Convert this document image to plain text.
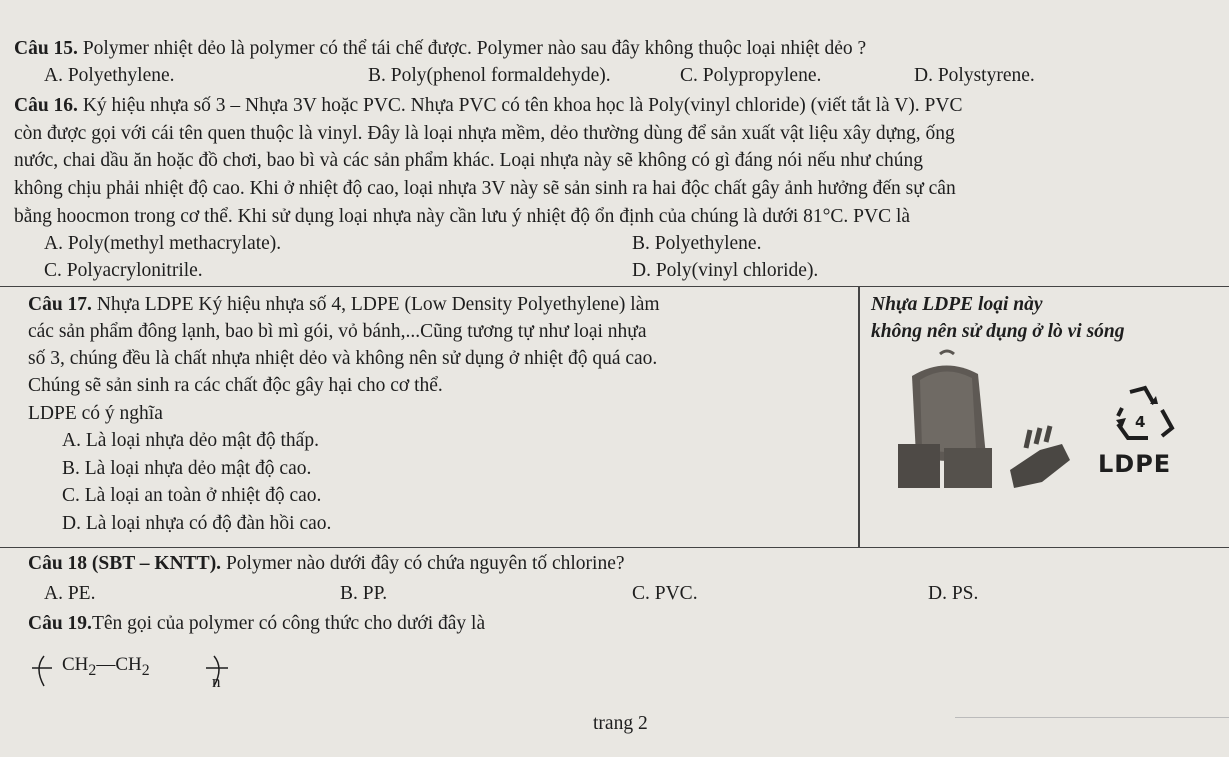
Câu 15. Polymer nhiệt dẻo là polymer có thể tái chế được. Polymer nào sau đây không thuộc loại nhiệt dẻo ?
A. Polyethylene.	B. Poly(phenol formaldehyde).	C. Polypropylene.	D. Polystyrene.
Câu 16. Ký hiệu nhựa số 3 – Nhựa 3V hoặc PVC. Nhựa PVC có tên khoa học là Poly(vinyl chloride) (viết tắt là V). PVC
còn được gọi với cái tên quen thuộc là vinyl. Đây là loại nhựa mềm, dẻo thường dùng để sản xuất vật liệu xây dựng, ống
nước, chai dầu ăn hoặc đồ chơi, bao bì và các sản phẩm khác. Loại nhựa này sẽ không có gì đáng nói nếu như chúng
không chịu phải nhiệt độ cao. Khi ở nhiệt độ cao, loại nhựa 3V này sẽ sản sinh ra hai độc chất gây ảnh hưởng đến sự cân
bằng hoocmon trong cơ thể. Khi sử dụng loại nhựa này cần lưu ý nhiệt độ ổn định của chúng là dưới 81°C. PVC là
A. Poly(methyl methacrylate).	B. Polyethylene.
C. Polyacrylonitrile.	D. Poly(vinyl chloride).
Câu 17. Nhựa LDPE Ký hiệu nhựa số 4, LDPE (Low Density Polyethylene) làm
các sản phẩm đông lạnh, bao bì mì gói, vỏ bánh,...Cũng tương tự như loại nhựa
số 3, chúng đều là chất nhựa nhiệt dẻo và không nên sử dụng ở nhiệt độ quá cao.
Chúng sẽ sản sinh ra các chất độc gây hại cho cơ thể.
LDPE có ý nghĩa
A. Là loại nhựa dẻo mật độ thấp.
B. Là loại nhựa dẻo mật độ cao.
C. Là loại an toàn ở nhiệt độ cao.
D. Là loại nhựa có độ đàn hồi cao.
Nhựa LDPE loại này
không nên sử dụng ở lò vi sóng
4
LDPE
Câu 18 (SBT – KNTT). Polymer nào dưới đây có chứa nguyên tố chlorine?
A. PE.	B. PP.	C. PVC.	D. PS.
Câu 19.Tên gọi của polymer có công thức cho dưới đây là
$CH_2—CH_2$
n
trang 2
